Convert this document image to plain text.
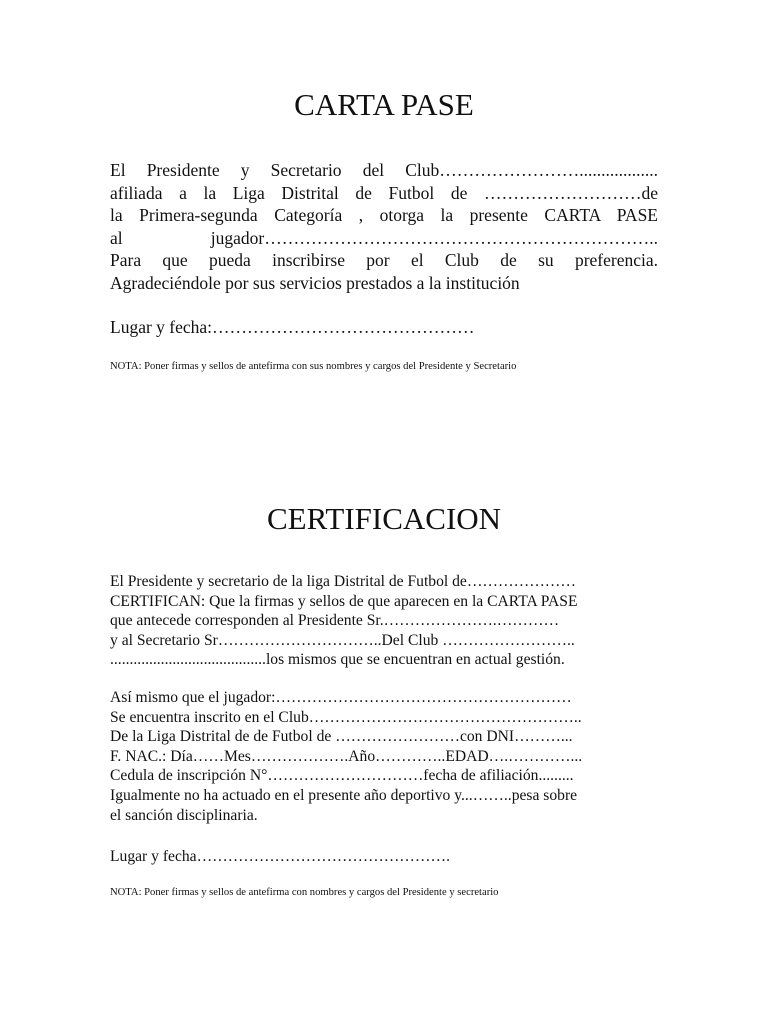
CARTA PASE
El Presidente y Secretario del Club……………………..................
afiliada a la Liga Distrital de Futbol de ………………………de
la Primera-segunda Categoría , otorga la presente CARTA PASE
al jugador…………………………………………………………..
Para que pueda inscribirse por el Club de su preferencia.
Agradeciéndole por sus servicios prestados a la institución
Lugar y fecha:………………………………………
NOTA: Poner firmas y sellos de antefirma con sus nombres y cargos del Presidente y Secretario
CERTIFICACION
El Presidente y secretario de la liga Distrital de Futbol de…………………
CERTIFICAN: Que la firmas y sellos de que aparecen en la CARTA PASE
que antecede corresponden al Presidente Sr.………………….…………
y al Secretario Sr…………………………..Del Club ……………………..
........................................los mismos que se encuentran en actual gestión.
Así mismo que el jugador:…………………………………………………
Se encuentra inscrito en el Club……………………………………………..
De la Liga Distrital de de Futbol de ……………………con DNI………...
F. NAC.: Día……Mes……………….Año…………..EDAD….…………...
Cedula de inscripción N°…………………………fecha de afiliación.........
Igualmente no ha actuado en el presente año deportivo y...……..pesa sobre
el sanción disciplinaria.
Lugar y fecha………………………………………….
NOTA: Poner firmas y sellos de antefirma con nombres y cargos del Presidente y secretario
